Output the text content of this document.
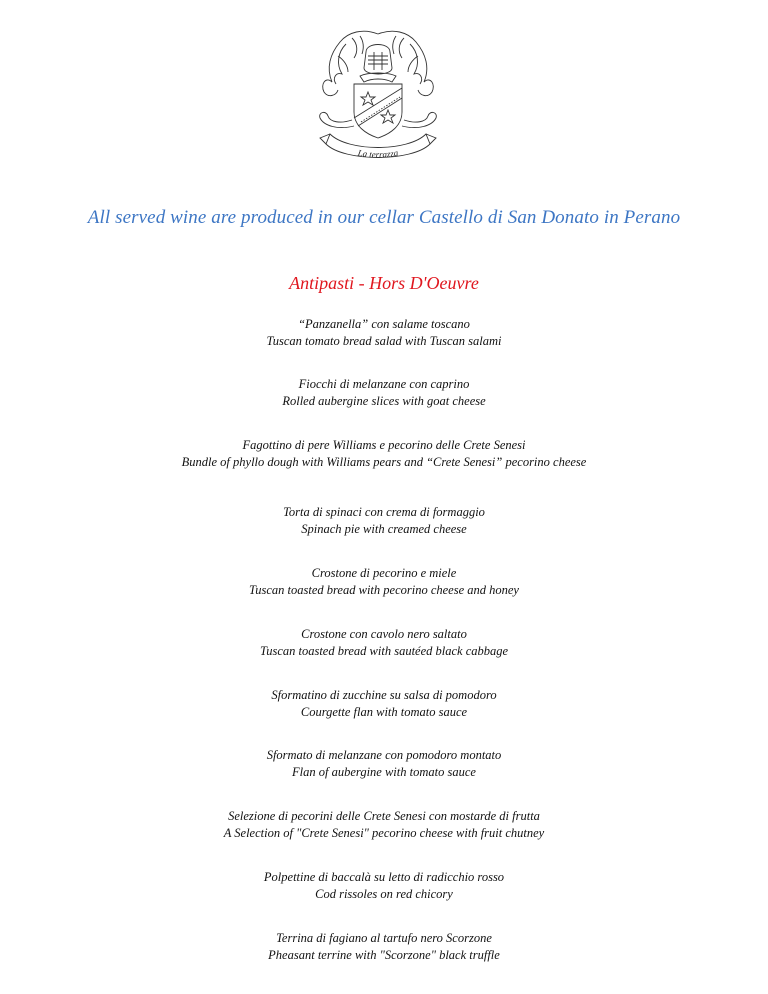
La terrazza
All served wine are produced in our cellar Castello di San Donato in Perano
Antipasti - Hors D'Oeuvre
“Panzanella” con salame toscano
Tuscan tomato bread salad with Tuscan salami
Fiocchi di melanzane con caprino
Rolled aubergine slices with goat cheese
Fagottino di pere Williams e pecorino delle Crete Senesi
Bundle of phyllo dough with Williams pears and “Crete Senesi” pecorino cheese
Torta di spinaci con crema di formaggio
Spinach pie with creamed cheese
Crostone di pecorino e miele
Tuscan toasted bread with pecorino cheese and honey
Crostone con cavolo nero saltato
Tuscan toasted bread with sautéed black cabbage
Sformatino di zucchine su salsa di pomodoro
Courgette flan with tomato sauce
Sformato di melanzane con pomodoro montato
Flan of aubergine with tomato sauce
Selezione di pecorini delle Crete Senesi con mostarde di frutta
A Selection of "Crete Senesi" pecorino cheese with fruit chutney
Polpettine di baccalà su letto di radicchio rosso
Cod rissoles on red chicory
Terrina di fagiano al tartufo nero Scorzone
Pheasant terrine with "Scorzone" black truffle
